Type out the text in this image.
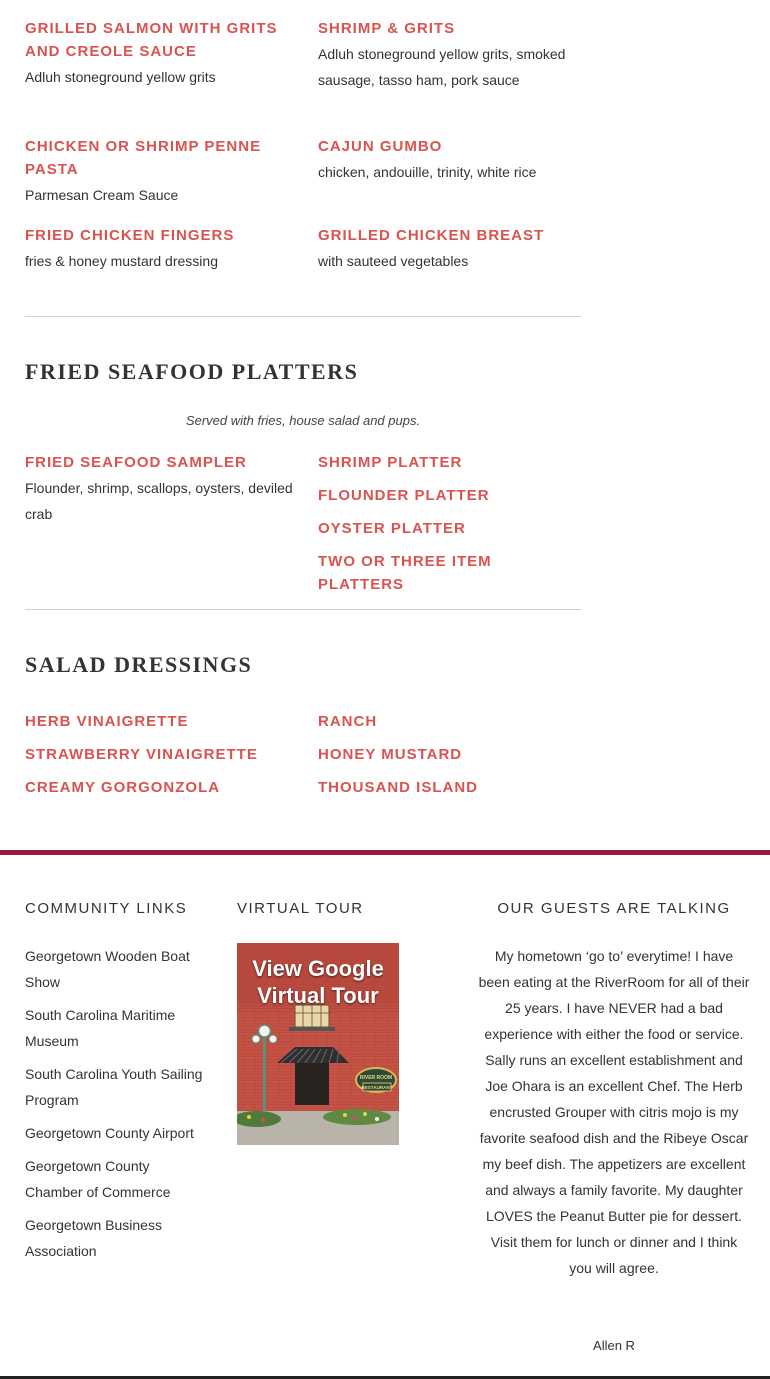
GRILLED SALMON WITH GRITS AND CREOLE SAUCE
Adluh stoneground yellow grits
SHRIMP & GRITS
Adluh stoneground yellow grits, smoked sausage, tasso ham, pork sauce
CHICKEN OR SHRIMP PENNE PASTA
Parmesan Cream Sauce
CAJUN GUMBO
chicken, andouille, trinity, white rice
FRIED CHICKEN FINGERS
fries & honey mustard dressing
GRILLED CHICKEN BREAST
with sauteed vegetables
FRIED SEAFOOD PLATTERS
Served with fries, house salad and pups.
FRIED SEAFOOD SAMPLER
Flounder, shrimp, scallops, oysters, deviled crab
SHRIMP PLATTER
FLOUNDER PLATTER
OYSTER PLATTER
TWO OR THREE ITEM PLATTERS
SALAD DRESSINGS
HERB VINAIGRETTE
STRAWBERRY VINAIGRETTE
CREAMY GORGONZOLA
RANCH
HONEY MUSTARD
THOUSAND ISLAND
COMMUNITY LINKS
Georgetown Wooden Boat Show
South Carolina Maritime Museum
South Carolina Youth Sailing Program
Georgetown County Airport
Georgetown County Chamber of Commerce
Georgetown Business Association
VIRTUAL TOUR
RIVER ROOM
RESTAURANT
View Google Virtual Tour
OUR GUESTS ARE TALKING
My hometown ‘go to’ everytime! I have been eating at the RiverRoom for all of their 25 years. I have NEVER had a bad experience with either the food or service. Sally runs an excellent establishment and Joe Ohara is an excellent Chef. The Herb encrusted Grouper with citris mojo is my favorite seafood dish and the Ribeye Oscar my beef dish. The appetizers are excellent and always a family favorite. My daughter LOVES the Peanut Butter pie for dessert. Visit them for lunch or dinner and I think you will agree.
Allen R
